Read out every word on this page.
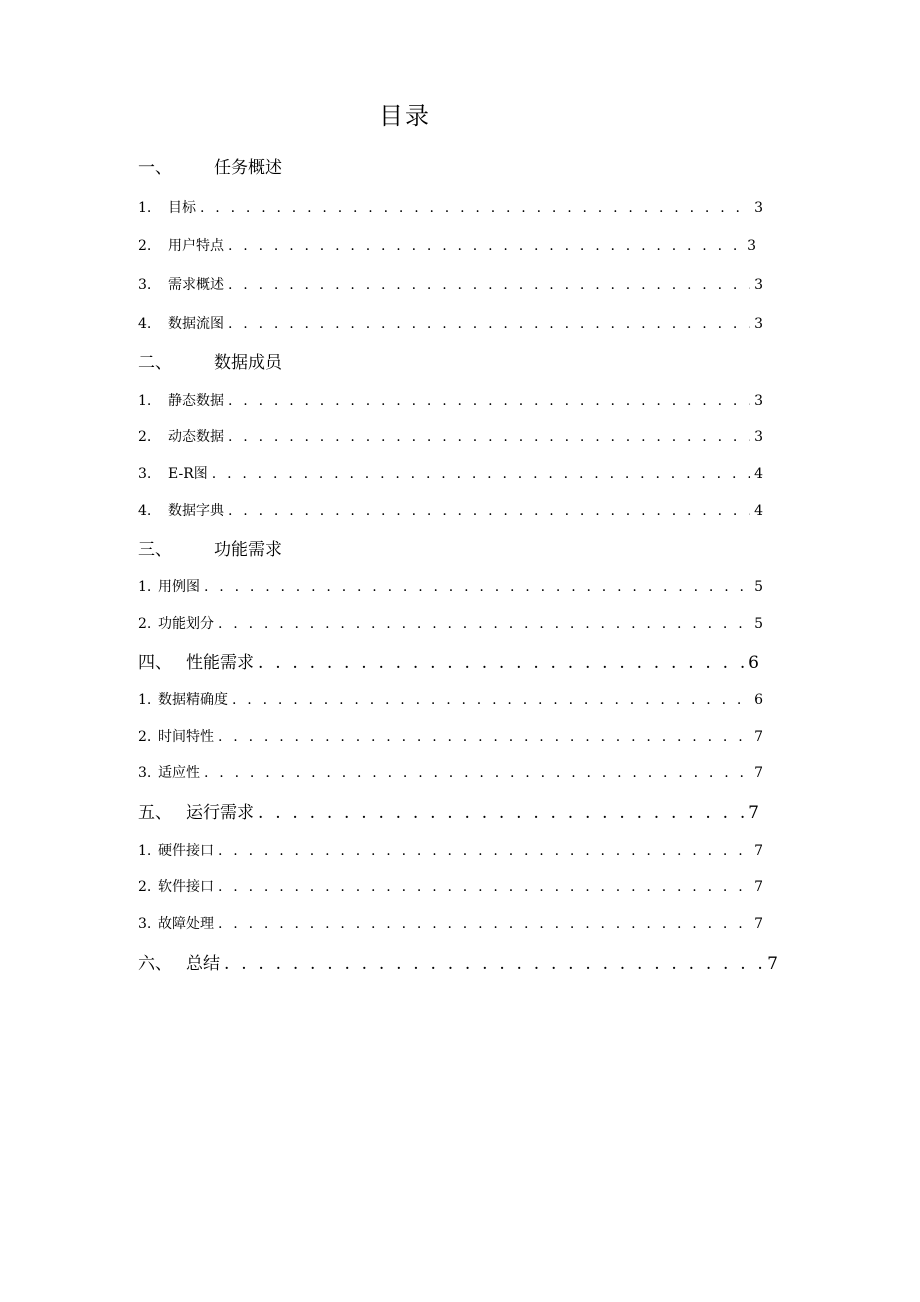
目录
一、	任务概述
1.	目标 . . .	3
2.	用户特点 . . .	3
3.	需求概述 . . .	3
4.	数据流图 . . .	3
二、	数据成员
1.	静态数据 . . .	3
2.	动态数据 . . .	3
3.	E-R图 . . .	4
4.	数据字典 . . .	4
三、	功能需求
1. 用例图 . . .	5
2. 功能划分 . . .	5
四、 性能需求 . . .	6
1. 数据精确度 . . .	6
2. 时间特性 . . .	7
3. 适应性 . . .	7
五、 运行需求 . . .	7
1. 硬件接口 . . .	7
2. 软件接口 . . .	7
3. 故障处理 . . .	7
六、 总结 . . .	7
